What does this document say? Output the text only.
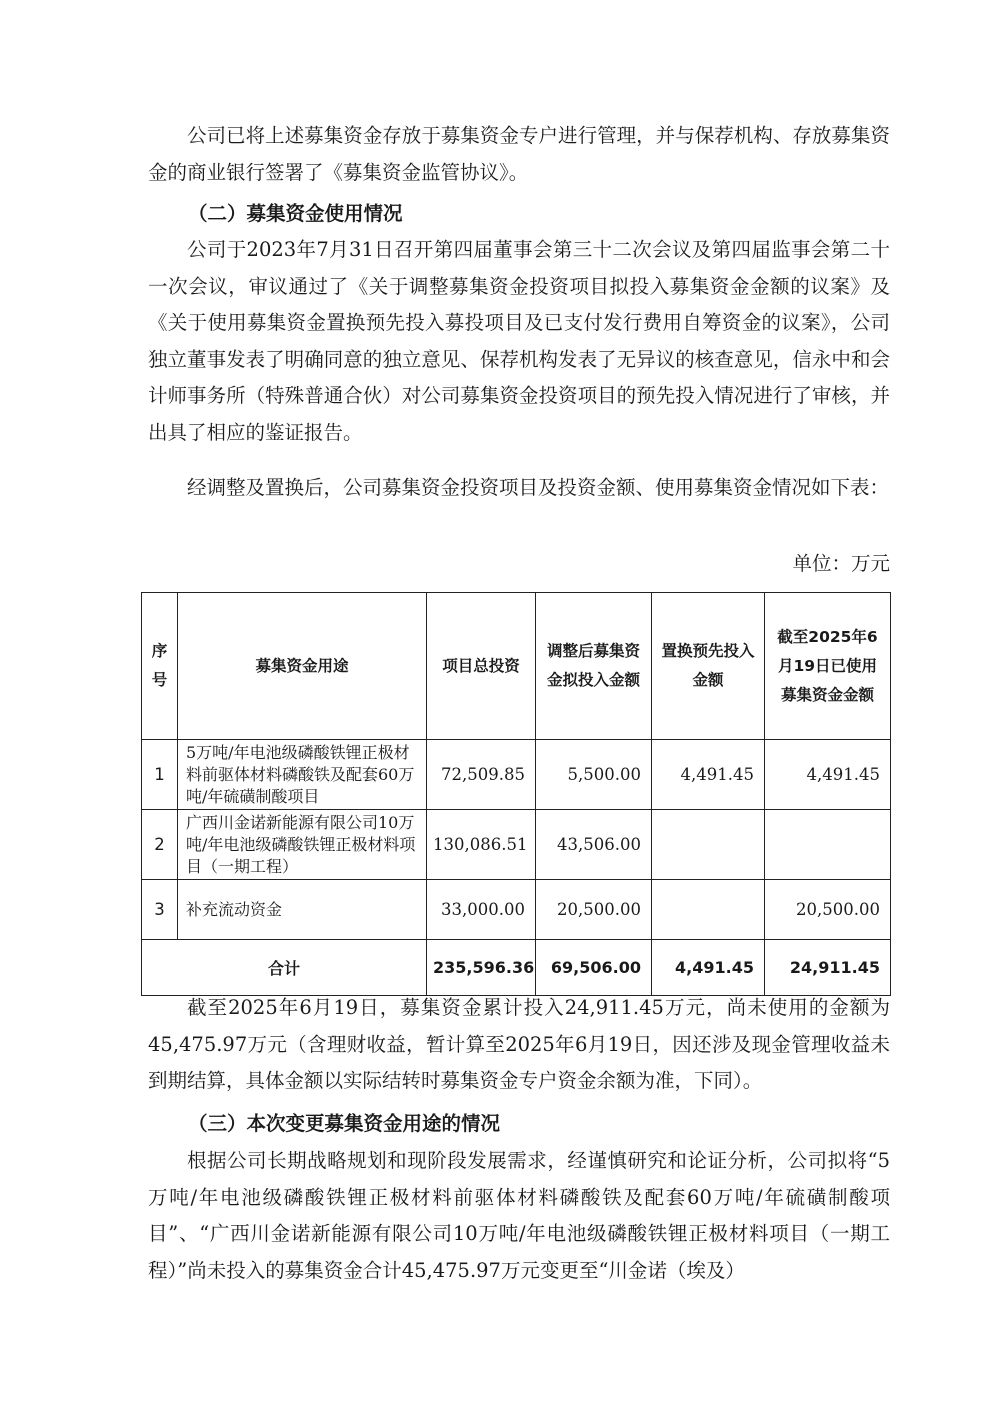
公司已将上述募集资金存放于募集资金专户进行管理，并与保荐机构、存放募集资金的商业银行签署了《募集资金监管协议》。

（二）募集资金使用情况

公司于2023年7月31日召开第四届董事会第三十二次会议及第四届监事会第二十一次会议，审议通过了《关于调整募集资金投资项目拟投入募集资金金额的议案》及《关于使用募集资金置换预先投入募投项目及已支付发行费用自筹资金的议案》，公司独立董事发表了明确同意的独立意见、保荐机构发表了无异议的核查意见，信永中和会计师事务所（特殊普通合伙）对公司募集资金投资项目的预先投入情况进行了审核，并出具了相应的鉴证报告。

经调整及置换后，公司募集资金投资项目及投资金额、使用募集资金情况如下表：

单位：万元

序号	募集资金用途	项目总投资	调整后募集资金拟投入金额	置换预先投入金额	截至2025年6月19日已使用募集资金金额
1	5万吨/年电池级磷酸铁锂正极材料前驱体材料磷酸铁及配套60万吨/年硫磺制酸项目	72,509.85	5,500.00	4,491.45	4,491.45
2	广西川金诺新能源有限公司10万吨/年电池级磷酸铁锂正极材料项目（一期工程）	130,086.51	43,506.00		
3	补充流动资金	33,000.00	20,500.00		20,500.00
合计		235,596.36	69,506.00	4,491.45	24,911.45

截至2025年6月19日，募集资金累计投入24,911.45万元，尚未使用的金额为45,475.97万元（含理财收益，暂计算至2025年6月19日，因还涉及现金管理收益未到期结算，具体金额以实际结转时募集资金专户资金余额为准，下同）。

（三）本次变更募集资金用途的情况

根据公司长期战略规划和现阶段发展需求，经谨慎研究和论证分析，公司拟将“5万吨/年电池级磷酸铁锂正极材料前驱体材料磷酸铁及配套60万吨/年硫磺制酸项目”、“广西川金诺新能源有限公司10万吨/年电池级磷酸铁锂正极材料项目（一期工程）”尚未投入的募集资金合计45,475.97万元变更至“川金诺（埃及）
